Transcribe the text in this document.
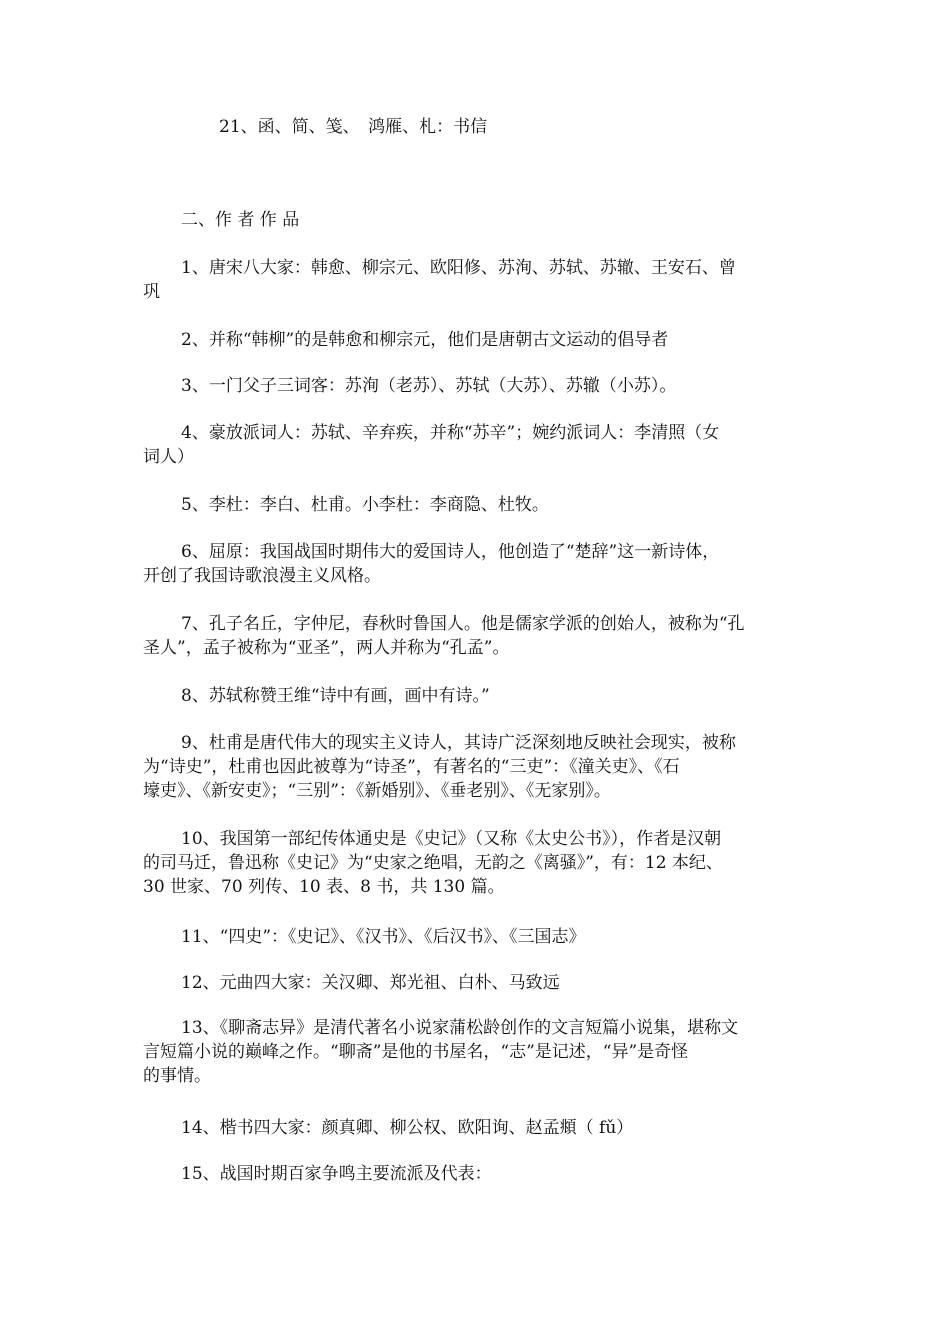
21、函、简、笺、　鸿雁、札：书信
二、作 者 作 品
1、唐宋八大家：韩愈、柳宗元、欧阳修、苏洵、苏轼、苏辙、王安石、曾
巩
2、并称“韩柳”的是韩愈和柳宗元，他们是唐朝古文运动的倡导者
3、一门父子三词客：苏洵（老苏）、苏轼（大苏）、苏辙（小苏）。
4、豪放派词人：苏轼、辛弃疾，并称“苏辛”；婉约派词人：李清照（女
词人）
5、李杜：李白、杜甫。小李杜：李商隐、杜牧。
6、屈原：我国战国时期伟大的爱国诗人，他创造了“楚辞”这一新诗体，
开创了我国诗歌浪漫主义风格。
7、孔子名丘，字仲尼，春秋时鲁国人。他是儒家学派的创始人，被称为“孔
圣人”，孟子被称为“亚圣”，两人并称为“孔孟”。
8、苏轼称赞王维“诗中有画，画中有诗。”
9、杜甫是唐代伟大的现实主义诗人，其诗广泛深刻地反映社会现实，被称
为“诗史”，杜甫也因此被尊为“诗圣”，有著名的“三吏”：《潼关吏》、《石
壕吏》、《新安吏》；“三别”：《新婚别》、《垂老别》、《无家别》。
10、我国第一部纪传体通史是《史记》（又称《太史公书》），作者是汉朝
的司马迁，鲁迅称《史记》为“史家之绝唱，无韵之《离骚》”，有：12 本纪、
30 世家、70 列传、10 表、8 书，共 130 篇。
11、“四史”：《史记》、《汉书》、《后汉书》、《三国志》
12、元曲四大家：关汉卿、郑光祖、白朴、马致远
13、《聊斋志异》是清代著名小说家蒲松龄创作的文言短篇小说集，堪称文
言短篇小说的巅峰之作。“聊斋”是他的书屋名，“志”是记述，“异”是奇怪
的事情。
14、楷书四大家：颜真卿、柳公权、欧阳询、赵孟頫（ fǔ）
15、战国时期百家争鸣主要流派及代表：
